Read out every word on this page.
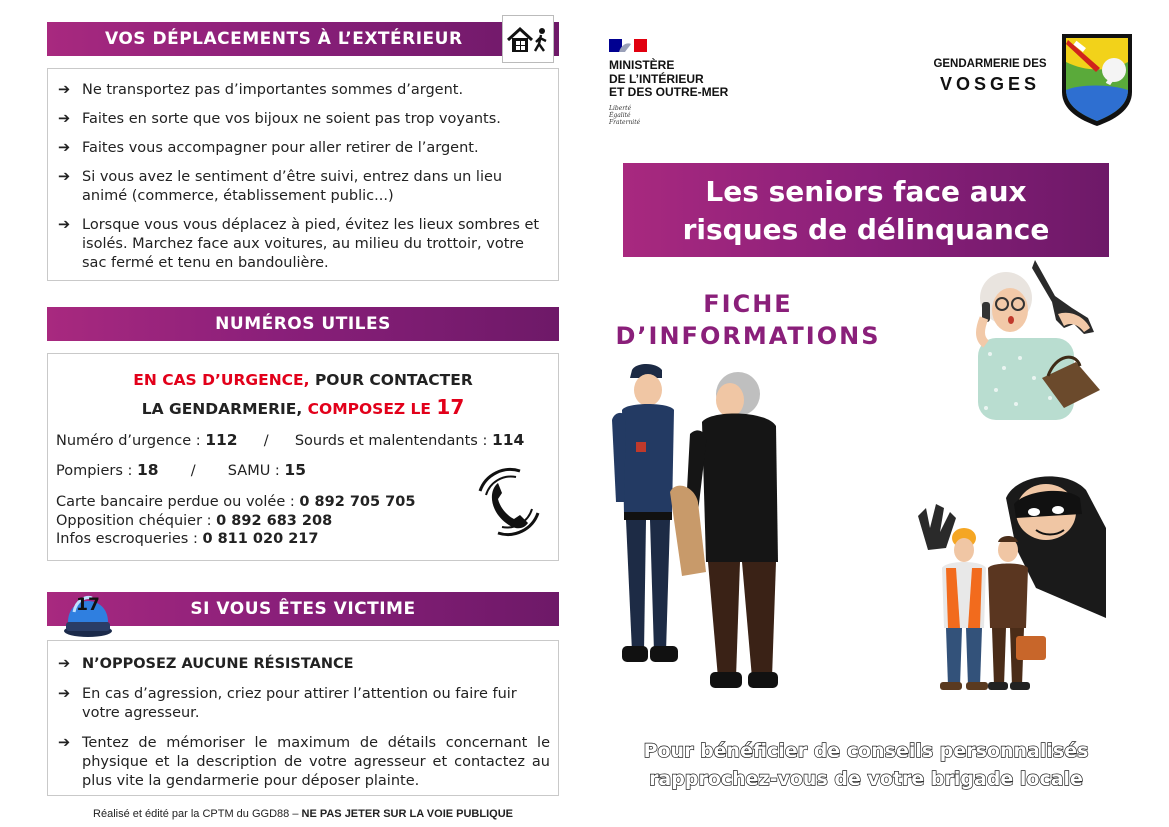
VOS DÉPLACEMENTS À L’EXTÉRIEUR
➔ Ne transportez pas d’importantes sommes d’argent.
➔ Faites en sorte que vos bijoux ne soient pas trop voyants.
➔ Faites vous accompagner pour aller retirer de l’argent.
➔ Si vous avez le sentiment d’être suivi, entrez dans un lieu animé (commerce, établissement public...)
➔ Lorsque vous vous déplacez à pied, évitez les lieux sombres et isolés. Marchez face aux voitures, au milieu du trottoir, votre sac fermé et tenu en bandoulière.
NUMÉROS UTILES
EN CAS D’URGENCE, POUR CONTACTER
LA GENDARMERIE, COMPOSEZ LE 17
Numéro d’urgence : 112 / Sourds et malentendants : 114
Pompiers : 18 / SAMU : 15
Carte bancaire perdue ou volée : 0 892 705 705
Opposition chéquier : 0 892 683 208
Infos escroqueries : 0 811 020 217
SI VOUS ÊTES VICTIME
17
➔ N’OPPOSEZ AUCUNE RÉSISTANCE
➔ En cas d’agression, criez pour attirer l’attention ou faire fuir votre agresseur.
➔ Tentez de mémoriser le maximum de détails concernant le physique et la description de votre agresseur et contactez au plus vite la gendarmerie pour déposer plainte.
Réalisé et édité par la CPTM du GGD88 – NE PAS JETER SUR LA VOIE PUBLIQUE
MINISTÈRE
DE L’INTÉRIEUR
ET DES OUTRE-MER
Liberté
Égalité
Fraternité
GENDARMERIE DES
VOSGES
Les seniors face aux
risques de délinquance
FICHE
D’INFORMATIONS
Pour bénéficier de conseils personnalisés
rapprochez-vous de votre brigade locale
